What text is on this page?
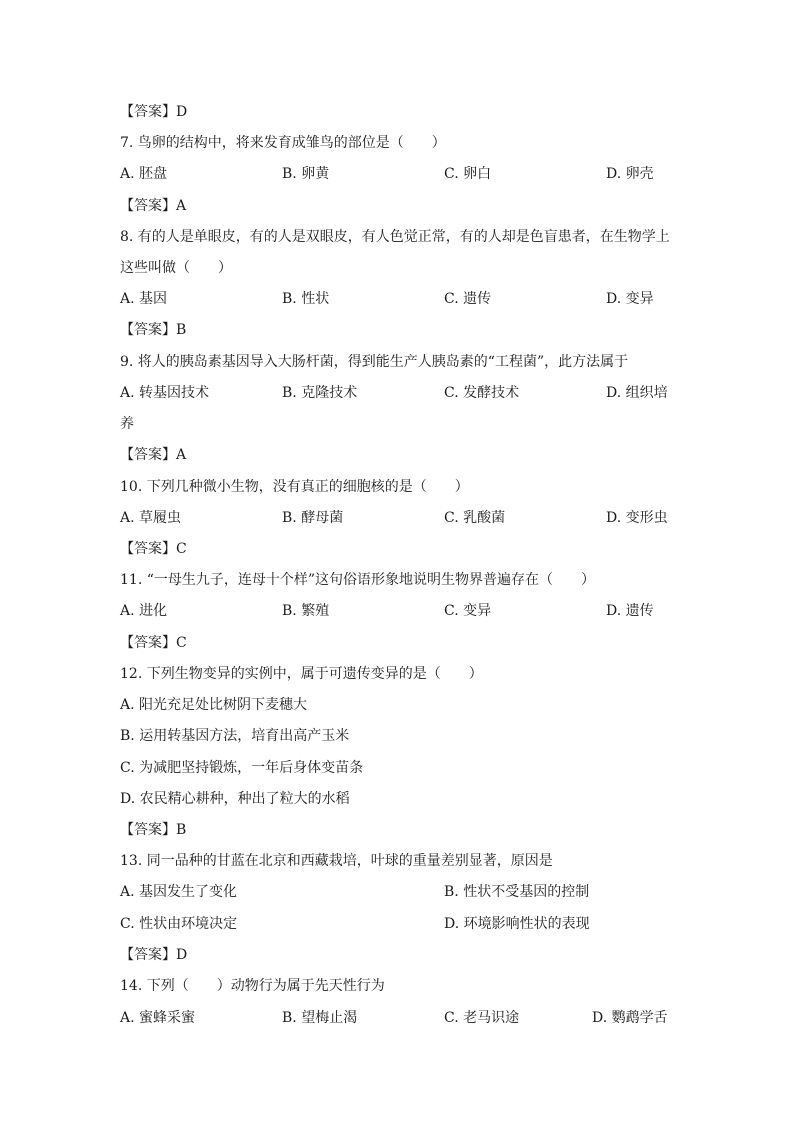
【答案】D
7. 鸟卵的结构中，将来发育成雏鸟的部位是（　　）
A. 胚盘	B. 卵黄	C. 卵白	D. 卵壳
【答案】A
8. 有的人是单眼皮，有的人是双眼皮，有人色觉正常，有的人却是色盲患者，在生物学上
这些叫做（　　）
A. 基因	B. 性状	C. 遗传	D. 变异
【答案】B
9. 将人的胰岛素基因导入大肠杆菌，得到能生产人胰岛素的“工程菌”，此方法属于
A. 转基因技术	B. 克隆技术	C. 发酵技术	D. 组织培
养
【答案】A
10. 下列几种微小生物，没有真正的细胞核的是（　　）
A. 草履虫	B. 酵母菌	C. 乳酸菌	D. 变形虫
【答案】C
11. “一母生九子，连母十个样”这句俗语形象地说明生物界普遍存在（　　）
A. 进化	B. 繁殖	C. 变异	D. 遗传
【答案】C
12. 下列生物变异的实例中，属于可遗传变异的是（　　）
A. 阳光充足处比树阴下麦穗大
B. 运用转基因方法，培育出高产玉米
C. 为减肥坚持锻炼，一年后身体变苗条
D. 农民精心耕种，种出了粒大的水稻
【答案】B
13. 同一品种的甘蓝在北京和西藏栽培，叶球的重量差别显著，原因是
A. 基因发生了变化	B. 性状不受基因的控制
C. 性状由环境决定	D. 环境影响性状的表现
【答案】D
14. 下列（　　）动物行为属于先天性行为
A. 蜜蜂采蜜	B. 望梅止渴	C. 老马识途	D. 鹦鹉学舌
